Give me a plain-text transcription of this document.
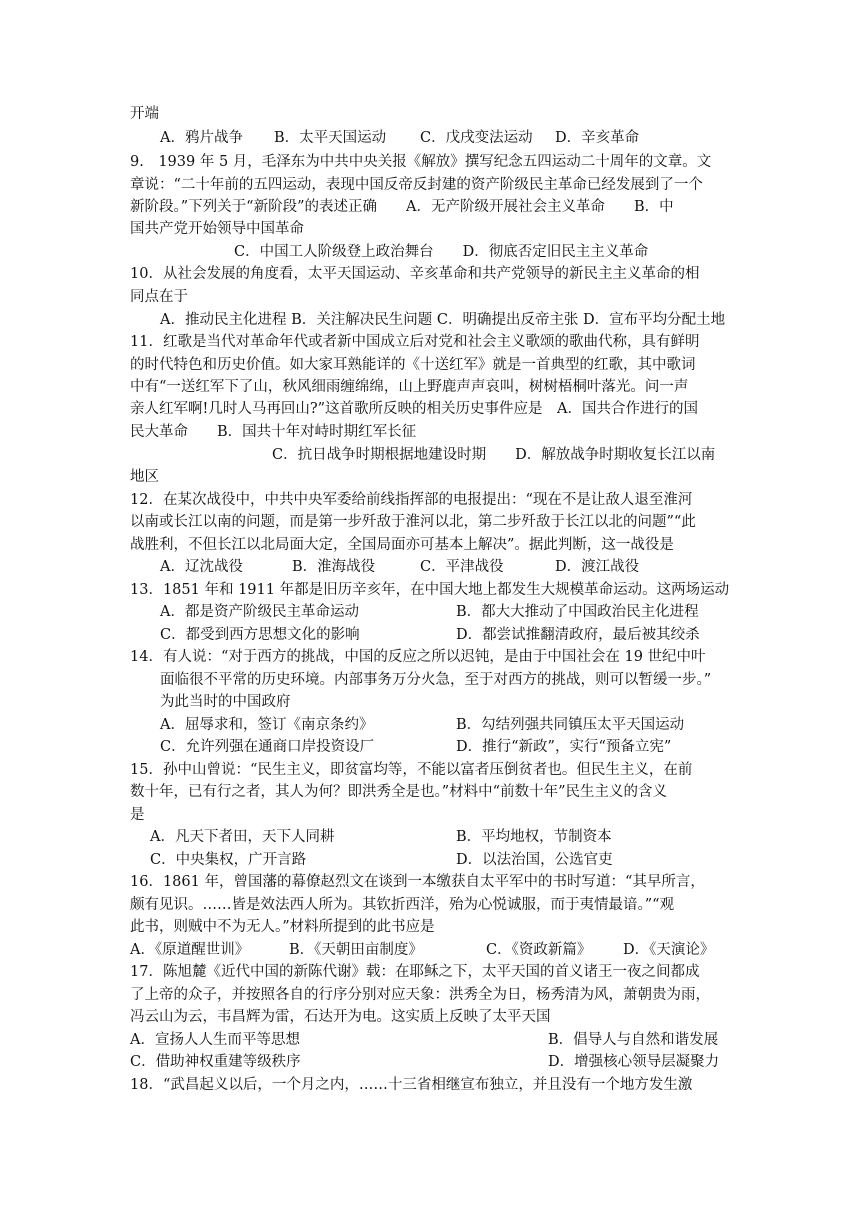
开端
A．鸦片战争 B．太平天国运动 C．戊戌变法运动 D．辛亥革命
9.　1939 年 5 月，毛泽东为中共中央关报《解放》撰写纪念五四运动二十周年的文章。文
章说：“二十年前的五四运动，表现中国反帝反封建的资产阶级民主革命已经发展到了一个
新阶段。”下列关于“新阶段”的表述正确　　A．无产阶级开展社会主义革命　　B．中
国共产党开始领导中国革命
C．中国工人阶级登上政治舞台　　D．彻底否定旧民主主义革命
10．从社会发展的角度看，太平天国运动、辛亥革命和共产党领导的新民主主义革命的相
同点在于
A．推动民主化进程 B．关注解决民生问题 C．明确提出反帝主张 D．宣布平均分配土地
11．红歌是当代对革命年代或者新中国成立后对党和社会主义歌颂的歌曲代称，具有鲜明
的时代特色和历史价值。如大家耳熟能详的《十送红军》就是一首典型的红歌，其中歌词
中有“一送红军下了山，秋风细雨缠绵绵，山上野鹿声声哀叫，树树梧桐叶落光。问一声
亲人红军啊!几时人马再回山?”这首歌所反映的相关历史事件应是　A．国共合作进行的国
民大革命　　B．国共十年对峙时期红军长征
C．抗日战争时期根据地建设时期　　D．解放战争时期收复长江以南
地区
12．在某次战役中，中共中央军委给前线指挥部的电报提出：“现在不是让敌人退至淮河
以南或长江以南的问题，而是第一步歼敌于淮河以北，第二步歼敌于长江以北的问题”“此
战胜利，不但长江以北局面大定，全国局面亦可基本上解决”。据此判断，这一战役是
A．辽沈战役	B．淮海战役	C．平津战役	D．渡江战役
13．1851 年和 1911 年都是旧历辛亥年，在中国大地上都发生大规模革命运动。这两场运动
A．都是资产阶级民主革命运动	B．都大大推动了中国政治民主化进程
C．都受到西方思想文化的影响	D．都尝试推翻清政府，最后被其绞杀
14．有人说：“对于西方的挑战，中国的反应之所以迟钝，是由于中国社会在 19 世纪中叶
面临很不平常的历史环境。内部事务万分火急，至于对西方的挑战，则可以暂缓一步。”
为此当时的中国政府
A．屈辱求和，签订《南京条约》	B．勾结列强共同镇压太平天国运动
C．允许列强在通商口岸投资设厂	D．推行“新政”，实行“预备立宪”
15．孙中山曾说：“民生主义，即贫富均等，不能以富者压倒贫者也。但民生主义，在前
数十年，已有行之者，其人为何？即洪秀全是也。”材料中“前数十年”民生主义的含义
是
A．凡天下者田，天下人同耕	B．平均地权，节制资本
C．中央集权，广开言路	D．以法治国，公选官吏
16．1861 年，曾国藩的幕僚赵烈文在谈到一本缴获自太平军中的书时写道：“其早所言，
颇有见识。……皆是效法西人所为。其钦折西洋，殆为心悦诚服，而于夷情最谙。”“观
此书，则贼中不为无人。”材料所提到的此书应是
A．《原道醒世训》	B．《天朝田亩制度》	C．《资政新篇》 D．《天演论》
17．陈旭麓《近代中国的新陈代谢》载：在耶稣之下，太平天国的首义诸王一夜之间都成
了上帝的众子，并按照各自的行序分别对应天象：洪秀全为日，杨秀清为风，萧朝贵为雨，
冯云山为云，韦昌辉为雷，石达开为电。这实质上反映了太平天国
A．宣扬人人生而平等思想	B．倡导人与自然和谐发展
C．借助神权重建等级秩序	D．增强核心领导层凝聚力
18．“武昌起义以后，一个月之内，……十三省相继宣布独立，并且没有一个地方发生激
